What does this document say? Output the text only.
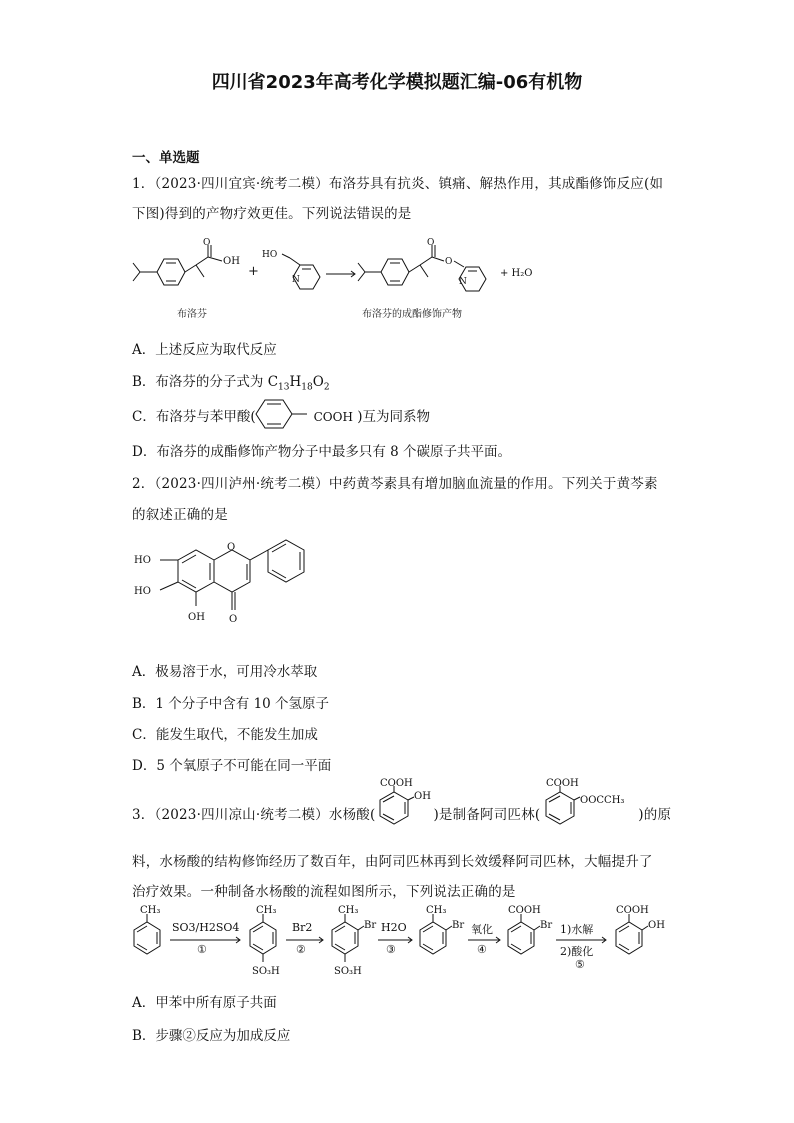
四川省2023年高考化学模拟题汇编-06有机物
一、单选题
1．（2023·四川宜宾·统考二模）布洛芬具有抗炎、镇痛、解热作用，其成酯修饰反应(如
下图)得到的产物疗效更佳。下列说法错误的是
O
OH
+
HO
N
O
O
N
+ H₂O
布洛芬	布洛芬的成酯修饰产物
A．上述反应为取代反应
B．布洛芬的分子式为 $C_{13}H_{18}O_2$
C．布洛芬与苯甲酸(	COOH )互为同系物
D．布洛芬的成酯修饰产物分子中最多只有 8 个碳原子共平面。
2．（2023·四川泸州·统考二模）中药黄芩素具有增加脑血流量的作用。下列关于黄芩素
的叙述正确的是
O
O
HO
HO
OH
A．极易溶于水，可用冷水萃取
B．1 个分子中含有 10 个氢原子
C．能发生取代，不能发生加成
D．5 个氧原子不可能在同一平面
3．（2023·四川凉山·统考二模）水杨酸(	)是制备阿司匹林(	)的原
COOH
OH
COOH
OOCCH₃
料，水杨酸的结构修饰经历了数百年，由阿司匹林再到长效缓释阿司匹林，大幅提升了
治疗效果。一种制备水杨酸的流程如图所示，下列说法正确的是
CH₃	CH₃
SO₃H
CH₃
Br
SO₃H
CH₃
Br
COOH
Br
COOH
OH
SO3/H2SO4
①
Br2
②
H2O
③
氧化
④
1)水解
2)酸化
⑤
A．甲苯中所有原子共面
B．步骤②反应为加成反应
